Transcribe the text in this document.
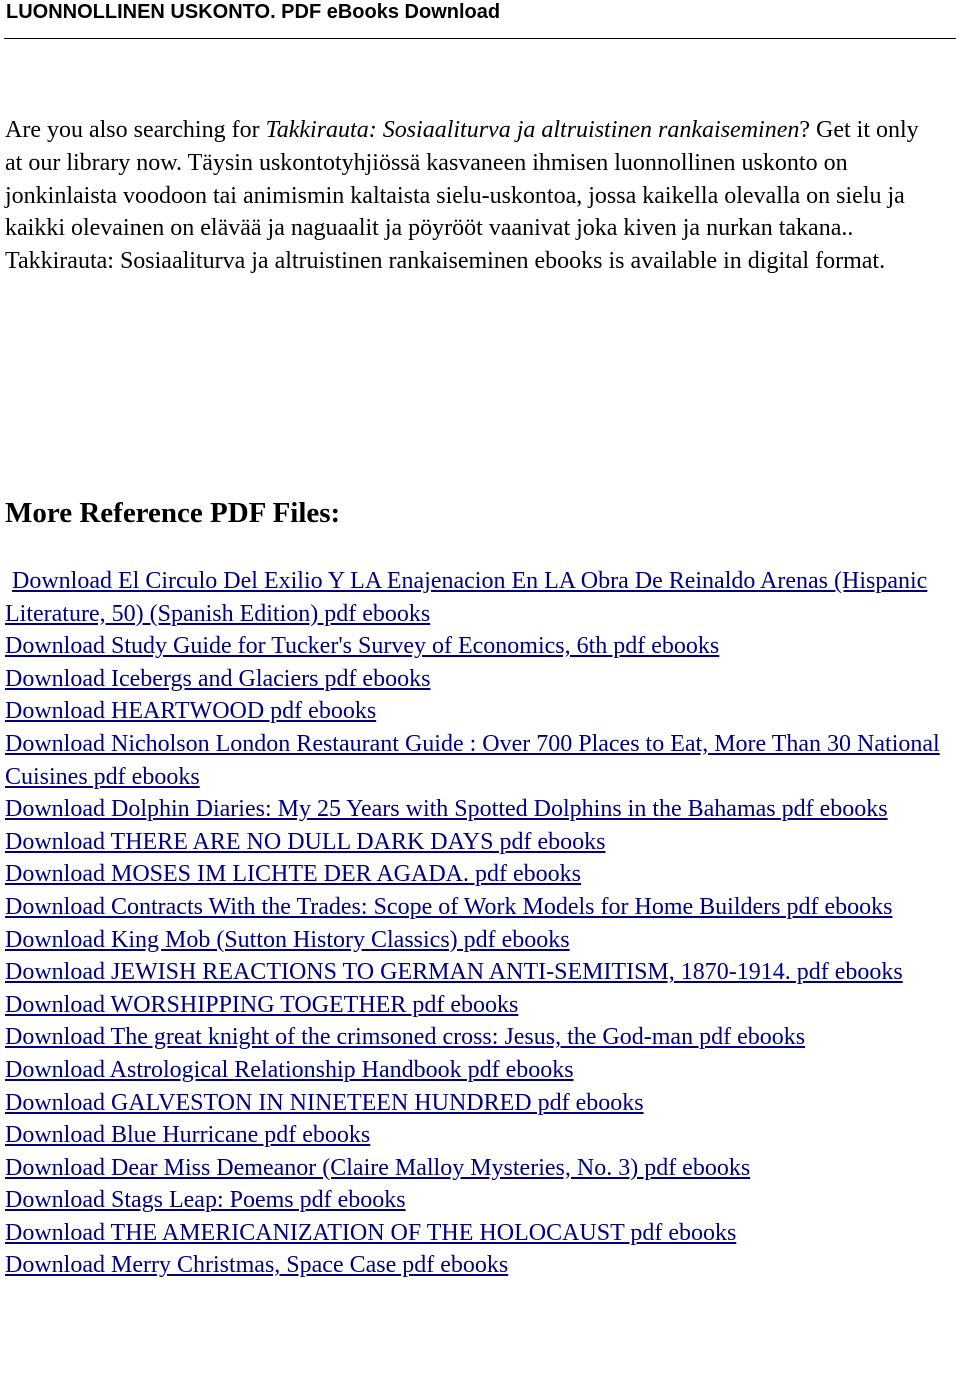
LUONNOLLINEN USKONTO. PDF eBooks Download

Are you also searching for Takkirauta: Sosiaaliturva ja altruistinen rankaiseminen? Get it only at our library now. Täysin uskontotyhjiössä kasvaneen ihmisen luonnollinen uskonto on jonkinlaista voodoon tai animismin kaltaista sielu-uskontoa, jossa kaikella olevalla on sielu ja kaikki olevainen on elävää ja naguaalit ja pöyrööt vaanivat joka kiven ja nurkan takana.. Takkirauta: Sosiaaliturva ja altruistinen rankaiseminen ebooks is available in digital format.

More Reference PDF Files:
Download El Circulo Del Exilio Y LA Enajenacion En LA Obra De Reinaldo Arenas (Hispanic Literature, 50) (Spanish Edition) pdf ebooks
Download Study Guide for Tucker's Survey of Economics, 6th pdf ebooks
Download Icebergs and Glaciers pdf ebooks
Download HEARTWOOD pdf ebooks
Download Nicholson London Restaurant Guide : Over 700 Places to Eat, More Than 30 National Cuisines pdf ebooks
Download Dolphin Diaries: My 25 Years with Spotted Dolphins in the Bahamas pdf ebooks
Download THERE ARE NO DULL DARK DAYS pdf ebooks
Download MOSES IM LICHTE DER AGADA. pdf ebooks
Download Contracts With the Trades: Scope of Work Models for Home Builders pdf ebooks
Download King Mob (Sutton History Classics) pdf ebooks
Download JEWISH REACTIONS TO GERMAN ANTI-SEMITISM, 1870-1914. pdf ebooks
Download WORSHIPPING TOGETHER pdf ebooks
Download The great knight of the crimsoned cross: Jesus, the God-man pdf ebooks
Download Astrological Relationship Handbook pdf ebooks
Download GALVESTON IN NINETEEN HUNDRED pdf ebooks
Download Blue Hurricane pdf ebooks
Download Dear Miss Demeanor (Claire Malloy Mysteries, No. 3) pdf ebooks
Download Stags Leap: Poems pdf ebooks
Download THE AMERICANIZATION OF THE HOLOCAUST pdf ebooks
Download Merry Christmas, Space Case pdf ebooks
